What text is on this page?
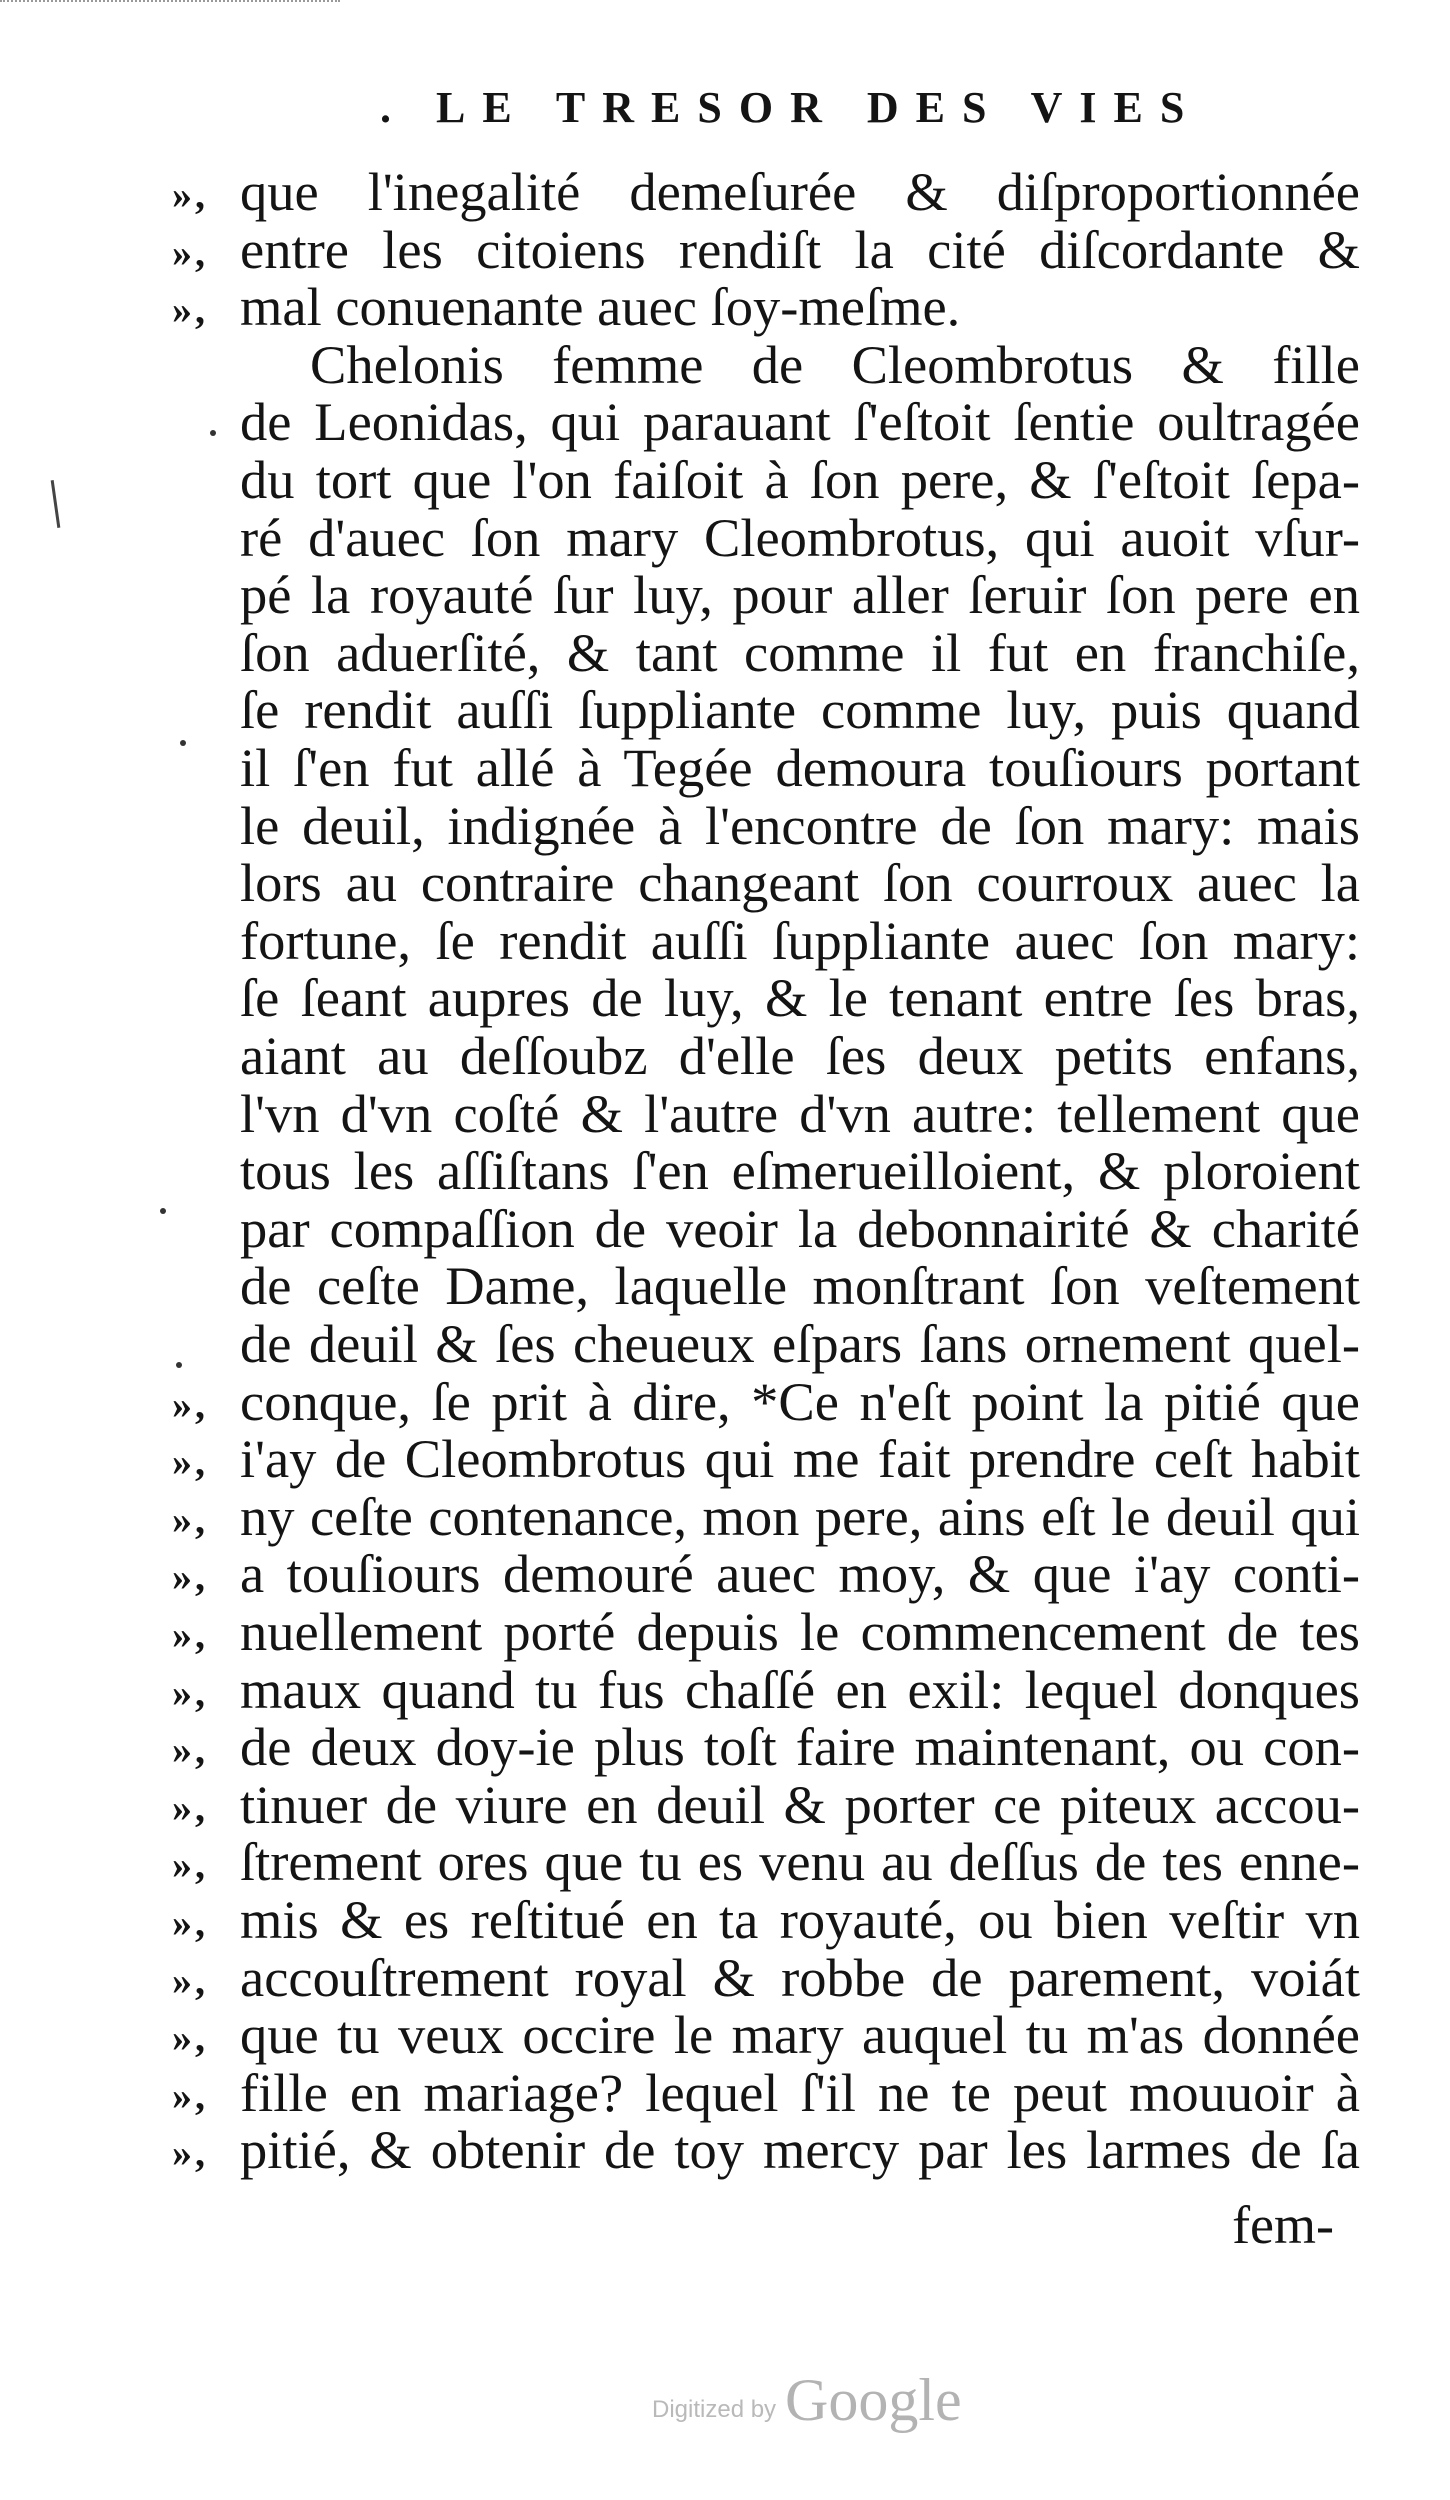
. LE TRESOR DES VIES
», que l'inegalité demeſurée & diſproportionnée
», entre les citoiens rendiſt la cité diſcordante &
», mal conuenante auec ſoy-meſme.
Chelonis femme de Cleombrotus & fille
de Leonidas, qui parauant ſ'eſtoit ſentie oultragée
du tort que l'on faiſoit à ſon pere, & ſ'eſtoit ſepa-
ré d'auec ſon mary Cleombrotus, qui auoit vſur-
pé la royauté ſur luy, pour aller ſeruir ſon pere en
ſon aduerſité, & tant comme il fut en franchiſe,
ſe rendit auſſi ſuppliante comme luy, puis quand
il ſ'en fut allé à Tegée demoura touſiours portant
le deuil, indignée à l'encontre de ſon mary: mais
lors au contraire changeant ſon courroux auec la
fortune, ſe rendit auſſi ſuppliante auec ſon mary:
ſe ſeant aupres de luy, & le tenant entre ſes bras,
aiant au deſſoubz d'elle ſes deux petits enfans,
l'vn d'vn coſté & l'autre d'vn autre: tellement que
tous les aſſiſtans ſ'en eſmerueilloient, & ploroient
par compaſſion de veoir la debonnairité & charité
de ceſte Dame, laquelle monſtrant ſon veſtement
de deuil & ſes cheueux eſpars ſans ornement quel-
», conque, ſe prit à dire, *Ce n'eſt point la pitié que
», i'ay de Cleombrotus qui me fait prendre ceſt habit
», ny ceſte contenance, mon pere, ains eſt le deuil qui
», a touſiours demouré auec moy, & que i'ay conti-
», nuellement porté depuis le commencement de tes
», maux quand tu fus chaſſé en exil: lequel donques
», de deux doy-ie plus toſt faire maintenant, ou con-
», tinuer de viure en deuil & porter ce piteux accou-
», ſtrement ores que tu es venu au deſſus de tes enne-
», mis & es reſtitué en ta royauté, ou bien veſtir vn
», accouſtrement royal & robbe de parement, voiát
», que tu veux occire le mary auquel tu m'as donnée
», fille en mariage? lequel ſ'il ne te peut mouuoir à
», pitié, & obtenir de toy mercy par les larmes de ſa
fem-
Digitized by Google
